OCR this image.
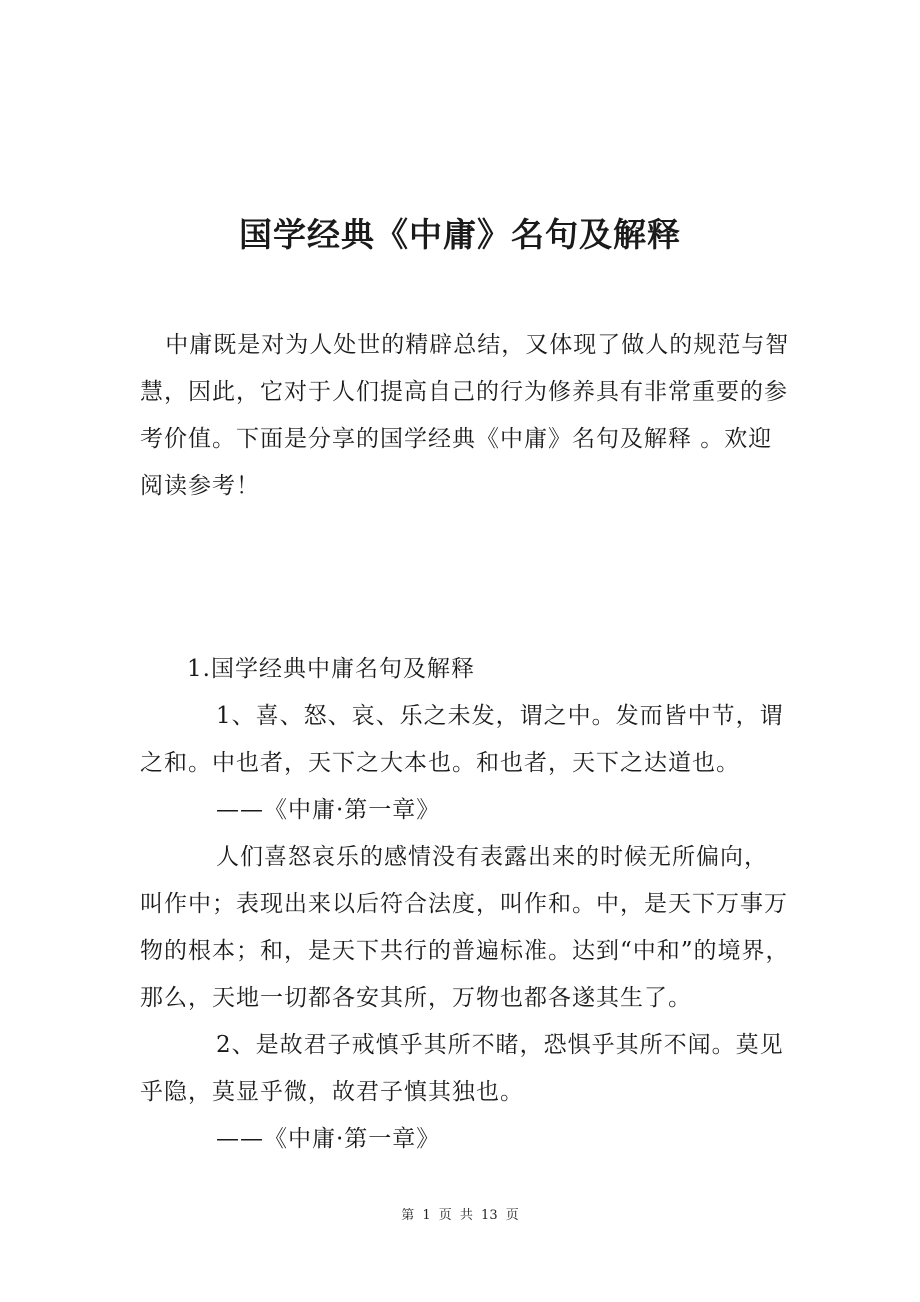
国学经典《中庸》名句及解释

中庸既是对为人处世的精辟总结，又体现了做人的规范与智慧，因此，它对于人们提高自己的行为修养具有非常重要的参考价值。下面是分享的国学经典《中庸》名句及解释 。欢迎阅读参考！

1.国学经典中庸名句及解释

1、喜、怒、哀、乐之未发，谓之中。发而皆中节，谓之和。中也者，天下之大本也。和也者，天下之达道也。

——《中庸·第一章》

人们喜怒哀乐的感情没有表露出来的时候无所偏向，叫作中；表现出来以后符合法度，叫作和。中，是天下万事万物的根本；和，是天下共行的普遍标准。达到“中和”的境界，那么，天地一切都各安其所，万物也都各遂其生了。

2、是故君子戒慎乎其所不睹，恐惧乎其所不闻。莫见乎隐，莫显乎微，故君子慎其独也。

——《中庸·第一章》

第 1 页 共 13 页
